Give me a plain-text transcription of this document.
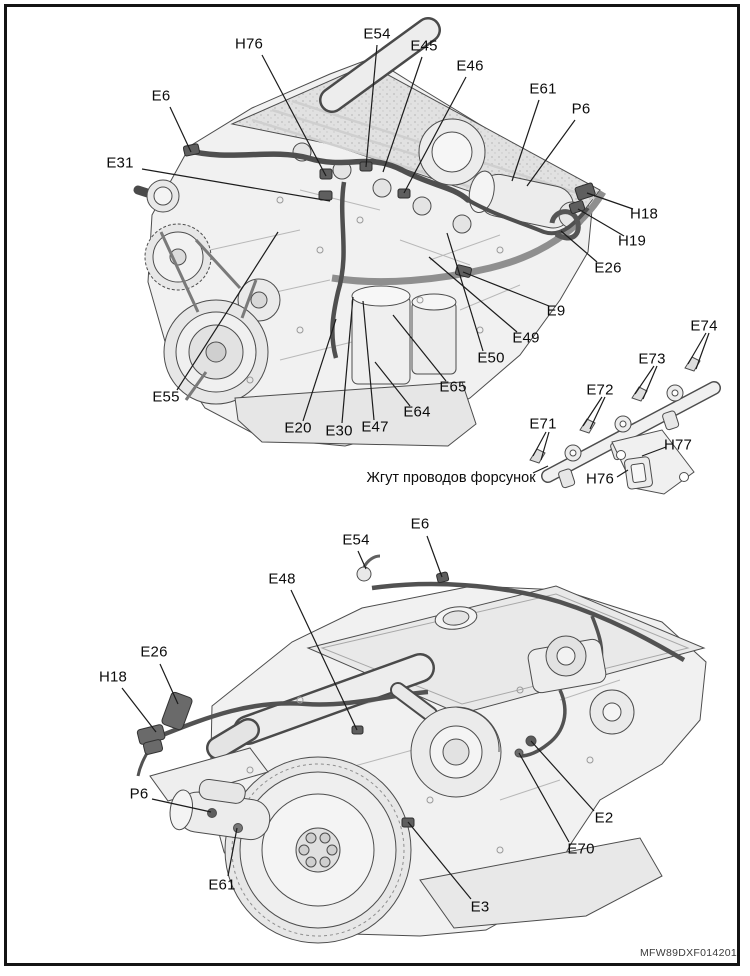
E6
H76
E31
E54
E45
E46
E61
P6
H18
H19
E26
E9
E49
E50
E65
E64
E47
E30
E20
E55
E71
E72
E73
E74
H77
H76
Жгут проводов форсунок
E54
E6
E48
E26
H18
P6
E61
E2
E70
E3
MFW89DXF014201
